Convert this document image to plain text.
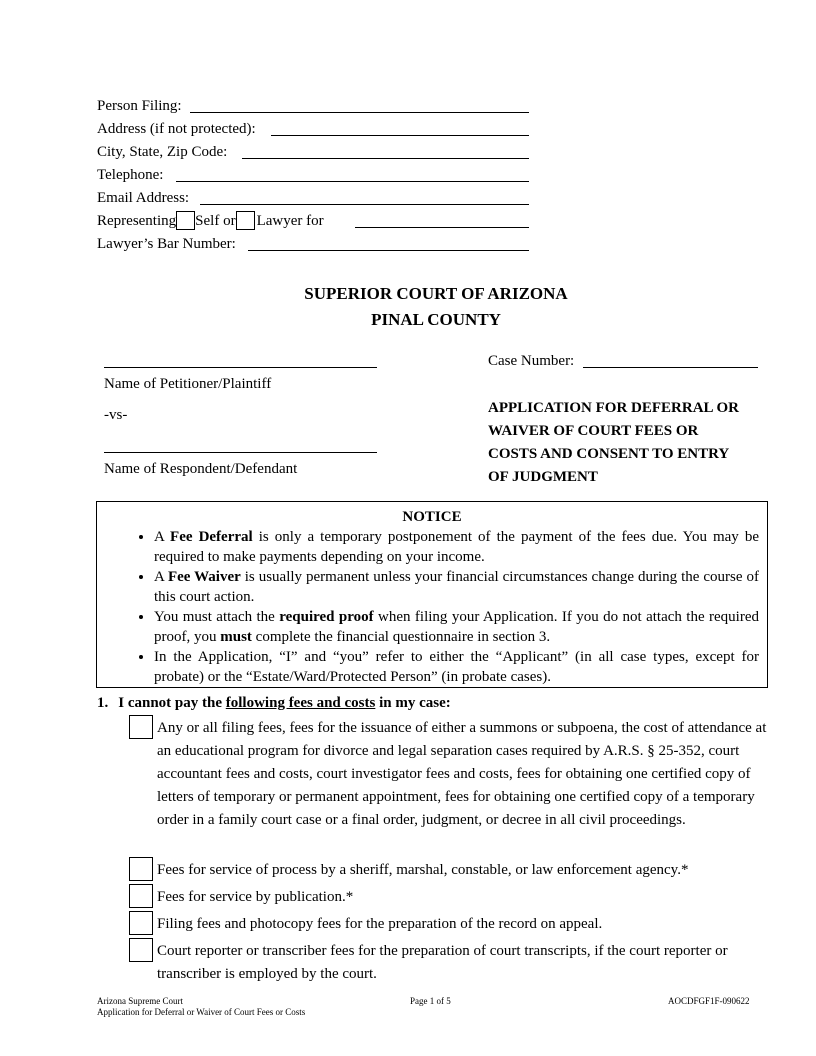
Person Filing:
Address (if not protected):
City, State, Zip Code:
Telephone:
Email Address:
Representing Self or Lawyer for
Lawyer’s Bar Number:
SUPERIOR COURT OF ARIZONA
PINAL COUNTY
Name of Petitioner/Plaintiff
-vs-
Name of Respondent/Defendant
Case Number:
APPLICATION FOR DEFERRAL OR
WAIVER OF COURT FEES OR
COSTS AND CONSENT TO ENTRY
OF JUDGMENT
NOTICE
• A Fee Deferral is only a temporary postponement of the payment of the fees due. You may be required to make payments depending on your income.
• A Fee Waiver is usually permanent unless your financial circumstances change during the course of this court action.
• You must attach the required proof when filing your Application. If you do not attach the required proof, you must complete the financial questionnaire in section 3.
• In the Application, “I” and “you” refer to either the “Applicant” (in all case types, except for probate) or the “Estate/Ward/Protected Person” (in probate cases).
1. I cannot pay the following fees and costs in my case:
Any or all filing fees, fees for the issuance of either a summons or subpoena, the cost of attendance at an educational program for divorce and legal separation cases required by A.R.S. § 25-352, court accountant fees and costs, court investigator fees and costs, fees for obtaining one certified copy of letters of temporary or permanent appointment, fees for obtaining one certified copy of a temporary order in a family court case or a final order, judgment, or decree in all civil proceedings.
Fees for service of process by a sheriff, marshal, constable, or law enforcement agency.*
Fees for service by publication.*
Filing fees and photocopy fees for the preparation of the record on appeal.
Court reporter or transcriber fees for the preparation of court transcripts, if the court reporter or transcriber is employed by the court.
Arizona Supreme Court
Application for Deferral or Waiver of Court Fees or Costs
Page 1 of 5	AOCDFGF1F-090622
